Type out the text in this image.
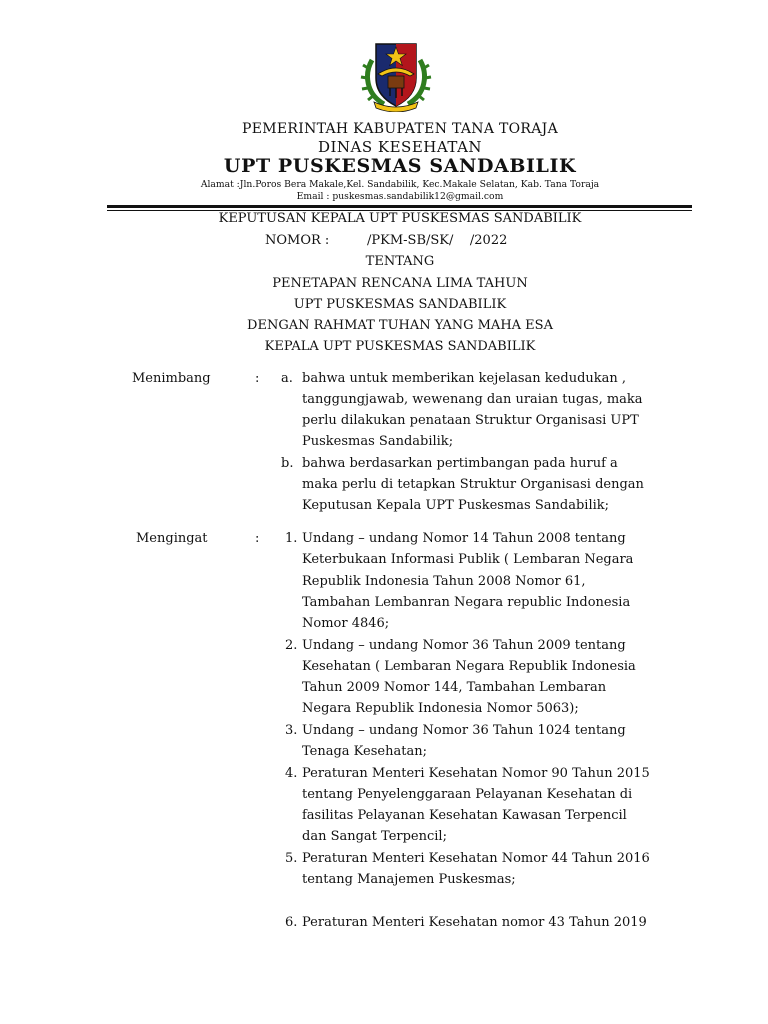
PEMERINTAH KABUPATEN TANA TORAJA
DINAS KESEHATAN
UPT PUSKESMAS SANDABILIK
Alamat :Jln.Poros Bera Makale,Kel. Sandabilik, Kec.Makale Selatan, Kab. Tana Toraja
Email : puskesmas.sandabilik12@gmail.com
KEPUTUSAN KEPALA UPT PUSKESMAS SANDABILIK
NOMOR :	/PKM-SB/SK/    /2022
TENTANG
PENETAPAN RENCANA LIMA TAHUN
UPT PUSKESMAS SANDABILIK
DENGAN RAHMAT TUHAN YANG MAHA ESA
KEPALA UPT PUSKESMAS SANDABILIK
Menimbang	: a. bahwa untuk memberikan kejelasan kedudukan ,
tanggungjawab, wewenang dan uraian tugas, maka
perlu dilakukan penataan Struktur Organisasi UPT
Puskesmas Sandabilik;
b. bahwa berdasarkan pertimbangan pada huruf a
maka perlu di tetapkan Struktur Organisasi dengan
Keputusan Kepala UPT Puskesmas Sandabilik;
Mengingat	: 1. Undang – undang Nomor 14 Tahun 2008 tentang
Keterbukaan Informasi Publik ( Lembaran Negara
Republik Indonesia Tahun 2008 Nomor 61,
Tambahan Lembanran Negara republic Indonesia
Nomor 4846;
2. Undang – undang Nomor 36 Tahun 2009 tentang
Kesehatan ( Lembaran Negara Republik Indonesia
Tahun 2009 Nomor 144, Tambahan Lembaran
Negara Republik Indonesia Nomor 5063);
3. Undang – undang Nomor 36 Tahun 1024 tentang
Tenaga Kesehatan;
4. Peraturan Menteri Kesehatan Nomor 90 Tahun 2015
tentang Penyelenggaraan Pelayanan Kesehatan di
fasilitas Pelayanan Kesehatan Kawasan Terpencil
dan Sangat Terpencil;
5. Peraturan Menteri Kesehatan Nomor 44 Tahun 2016
tentang Manajemen Puskesmas;
6. Peraturan Menteri Kesehatan nomor 43 Tahun 2019
